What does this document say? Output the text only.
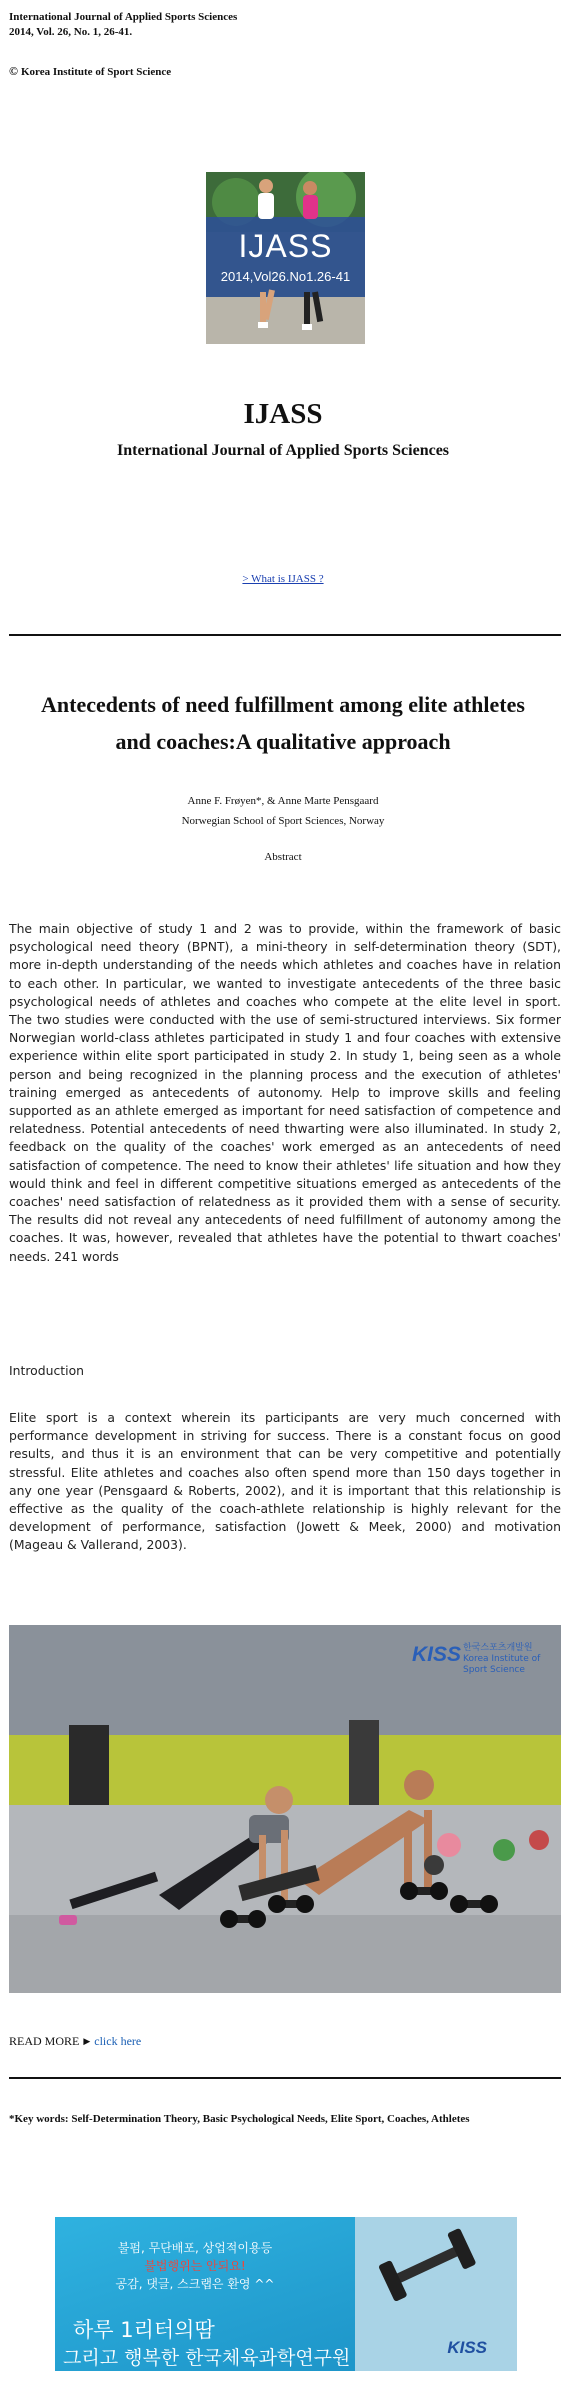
International Journal of Applied Sports Sciences
2014, Vol. 26, No. 1, 26-41.
© Korea Institute of Sport Science
IJASS
2014,Vol26.No1.26-41
IJASS
International Journal of Applied Sports Sciences
> What is IJASS ?
Antecedents of need fulfillment among elite athletes
and coaches:A qualitative approach
Anne F. Frøyen*, & Anne Marte Pensgaard
Norwegian School of Sport Sciences, Norway
Abstract
The main objective of study 1 and 2 was to provide, within the framework of basic psychological need theory (BPNT), a mini-theory in self-determination theory (SDT), more in-depth understanding of the needs which athletes and coaches have in relation to each other. In particular, we wanted to investigate antecedents of the three basic psychological needs of athletes and coaches who compete at the elite level in sport. The two studies were conducted with the use of semi-structured interviews. Six former Norwegian world-class athletes participated in study 1 and four coaches with extensive experience within elite sport participated in study 2. In study 1, being seen as a whole person and being recognized in the planning process and the execution of athletes' training emerged as antecedents of autonomy. Help to improve skills and feeling supported as an athlete emerged as important for need satisfaction of competence and relatedness. Potential antecedents of need thwarting were also illuminated. In study 2, feedback on the quality of the coaches' work emerged as an antecedents of need satisfaction of competence. The need to know their athletes' life situation and how they would think and feel in different competitive situations emerged as antecedents of the coaches' need satisfaction of relatedness as it provided them with a sense of security. The results did not reveal any antecedents of need fulfillment of autonomy among the coaches. It was, however, revealed that athletes have the potential to thwart coaches' needs. 241 words
Introduction
Elite sport is a context wherein its participants are very much concerned with performance development in striving for success. There is a constant focus on good results, and thus it is an environment that can be very competitive and potentially stressful. Elite athletes and coaches also often spend more than 150 days together in any one year (Pensgaard & Roberts, 2002), and it is important that this relationship is effective as the quality of the coach-athlete relationship is highly relevant for the development of performance, satisfaction (Jowett & Meek, 2000) and motivation (Mageau & Vallerand, 2003).
KISS 한국스포츠개발원 Korea Institute of Sport Science
READ MORE ▶ click here
*Key words: Self-Determination Theory, Basic Psychological Needs, Elite Sport, Coaches, Athletes
불펌, 무단배포, 상업적이용등
불법행위는 안되요!
공감, 댓글, 스크랩은 환영 ^^
하루 1리터의땀
그리고 행복한 한국체육과학연구원	KISS
